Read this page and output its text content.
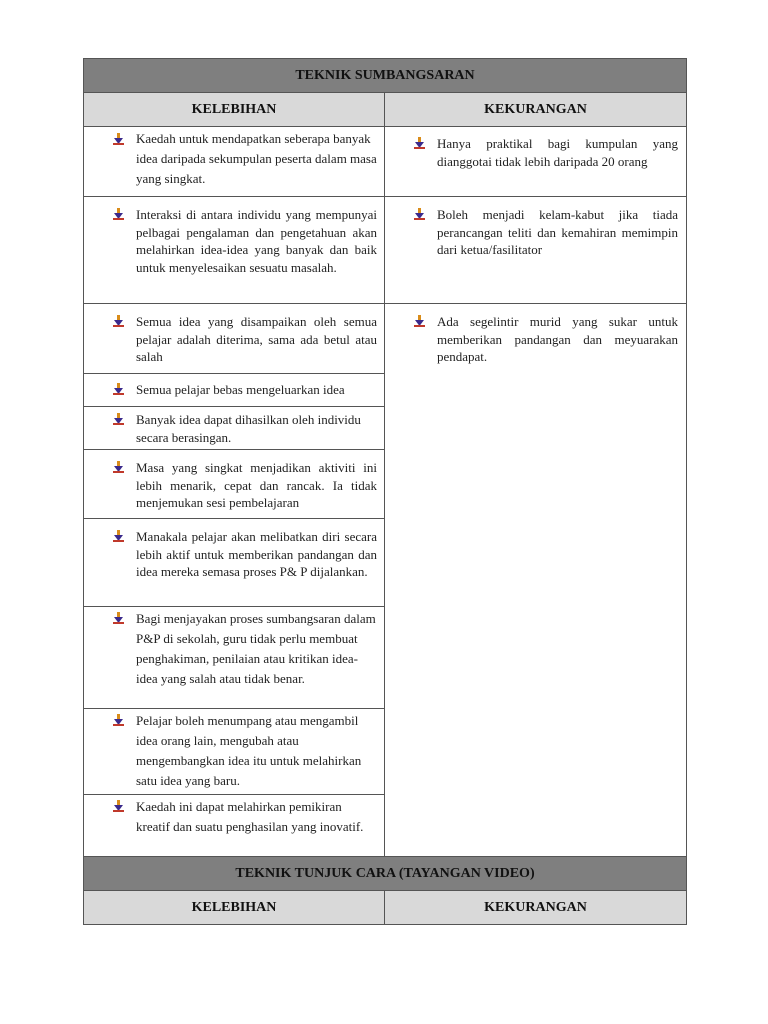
TEKNIK SUMBANGSARAN	
KELEBIHAN	KEKURANGAN

Kaedah untuk mendapatkan seberapa banyak idea daripada sekumpulan peserta dalam masa yang singkat.	Hanya praktikal bagi kumpulan yang dianggotai tidak lebih daripada 20 orang

Interaksi di antara individu yang mempunyai pelbagai pengalaman dan pengetahuan akan melahirkan idea-idea yang banyak dan baik untuk menyelesaikan sesuatu masalah.	Boleh menjadi kelam-kabut jika tiada perancangan teliti dan kemahiran memimpin dari ketua/fasilitator

Semua idea yang disampaikan oleh semua pelajar adalah diterima, sama ada betul atau salah	Ada segelintir murid yang sukar untuk memberikan pandangan dan meyuarakan pendapat.

Semua pelajar bebas mengeluarkan idea	

Banyak idea dapat dihasilkan oleh individu secara berasingan.	

Masa yang singkat menjadikan aktiviti ini lebih menarik, cepat dan rancak. Ia tidak menjemukan sesi pembelajaran	

Manakala pelajar akan melibatkan diri secara lebih aktif untuk memberikan pandangan dan idea mereka semasa proses P& P dijalankan.	

Bagi menjayakan proses sumbangsaran dalam P&P di sekolah, guru tidak perlu membuat penghakiman, penilaian atau kritikan idea-idea yang salah atau tidak benar.	

Pelajar boleh menumpang atau mengambil idea orang lain, mengubah atau mengembangkan idea itu untuk melahirkan satu idea yang baru.	

Kaedah ini dapat melahirkan pemikiran kreatif dan suatu penghasilan yang inovatif.	

TEKNIK TUNJUK CARA (TAYANGAN VIDEO)	
KELEBIHAN	KEKURANGAN
